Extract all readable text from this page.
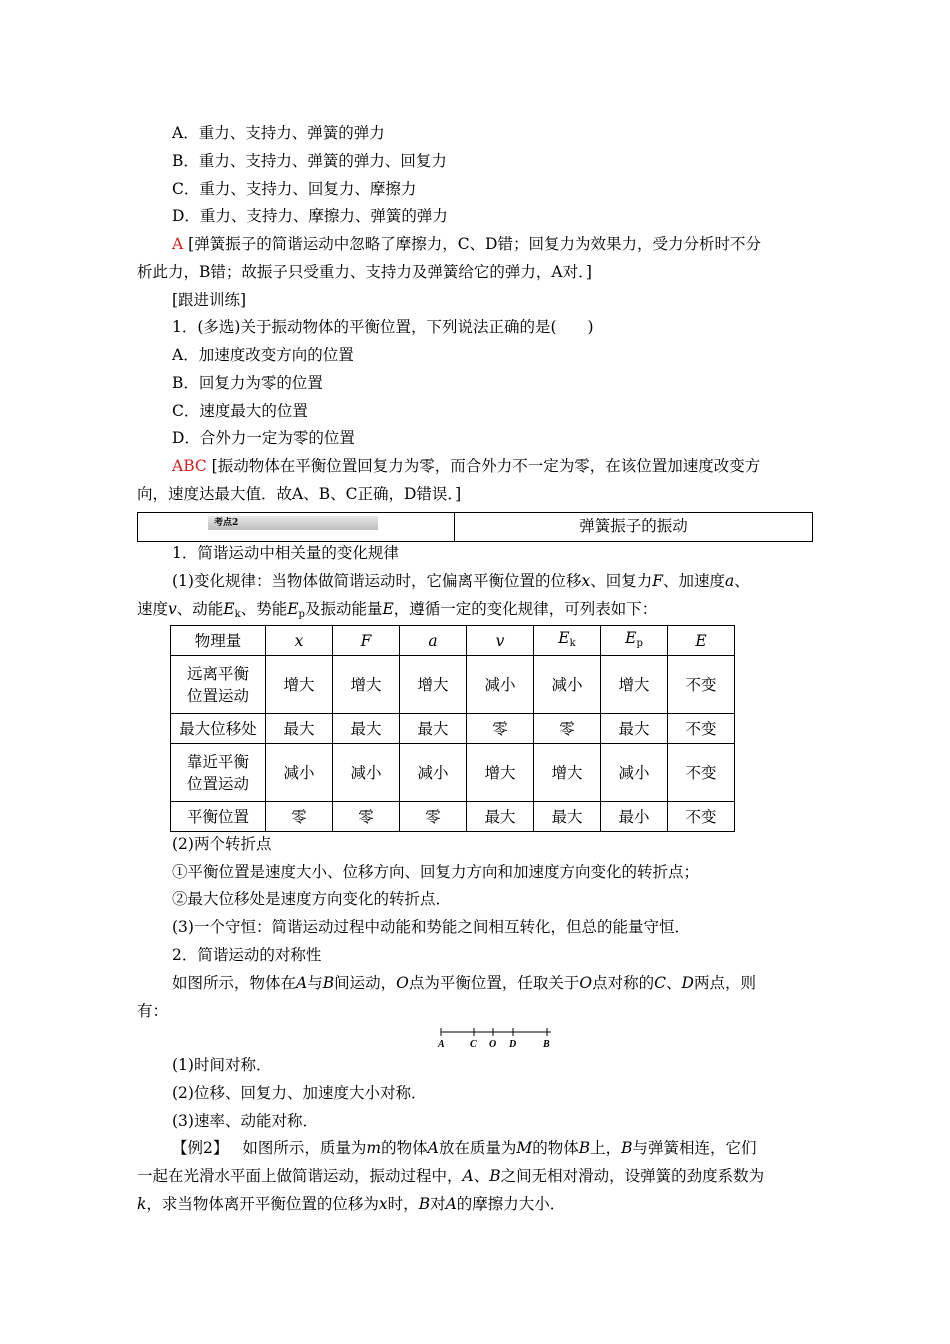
A．重力、支持力、弹簧的弹力
B．重力、支持力、弹簧的弹力、回复力
C．重力、支持力、回复力、摩擦力
D．重力、支持力、摩擦力、弹簧的弹力
A [弹簧振子的简谐运动中忽略了摩擦力，C、D错；回复力为效果力，受力分析时不分
析此力，B错；故振子只受重力、支持力及弹簧给它的弹力，A对．]
[跟进训练]
1．(多选)关于振动物体的平衡位置，下列说法正确的是(　　)
A．加速度改变方向的位置
B．回复力为零的位置
C．速度最大的位置
D．合外力一定为零的位置
ABC [振动物体在平衡位置回复力为零，而合外力不一定为零，在该位置加速度改变方
向，速度达最大值．故A、B、C正确，D错误．]
考点2	弹簧振子的振动
1．简谐运动中相关量的变化规律
(1)变化规律：当物体做简谐运动时，它偏离平衡位置的位移x、回复力F、加速度a、
速度v、动能$E_k$、势能$E_p$及振动能量E，遵循一定的变化规律，可列表如下：
物理量	x	F	a	v	$E_k$	$E_p$	E

远离平衡
位置运动	增大	增大	增大	减小	减小	增大	不变
最大位移处	最大	最大	最大	零	零	最大	不变

靠近平衡
位置运动	减小	减小	减小	增大	增大	减小	不变
平衡位置	零	零	零	最大	最大	最小	不变
(2)两个转折点
①平衡位置是速度大小、位移方向、回复力方向和加速度方向变化的转折点；
②最大位移处是速度方向变化的转折点．
(3)一个守恒：简谐运动过程中动能和势能之间相互转化，但总的能量守恒．
2．简谐运动的对称性
如图所示，物体在A与B间运动，O点为平衡位置，任取关于O点对称的C、D两点，则
有：
A	C O D	B
(1)时间对称．
(2)位移、回复力、加速度大小对称．
(3)速率、动能对称．
【例2】 如图所示，质量为m的物体A放在质量为M的物体B上，B与弹簧相连，它们
一起在光滑水平面上做简谐运动，振动过程中，A、B之间无相对滑动，设弹簧的劲度系数为
k，求当物体离开平衡位置的位移为x时，B对A的摩擦力大小．
